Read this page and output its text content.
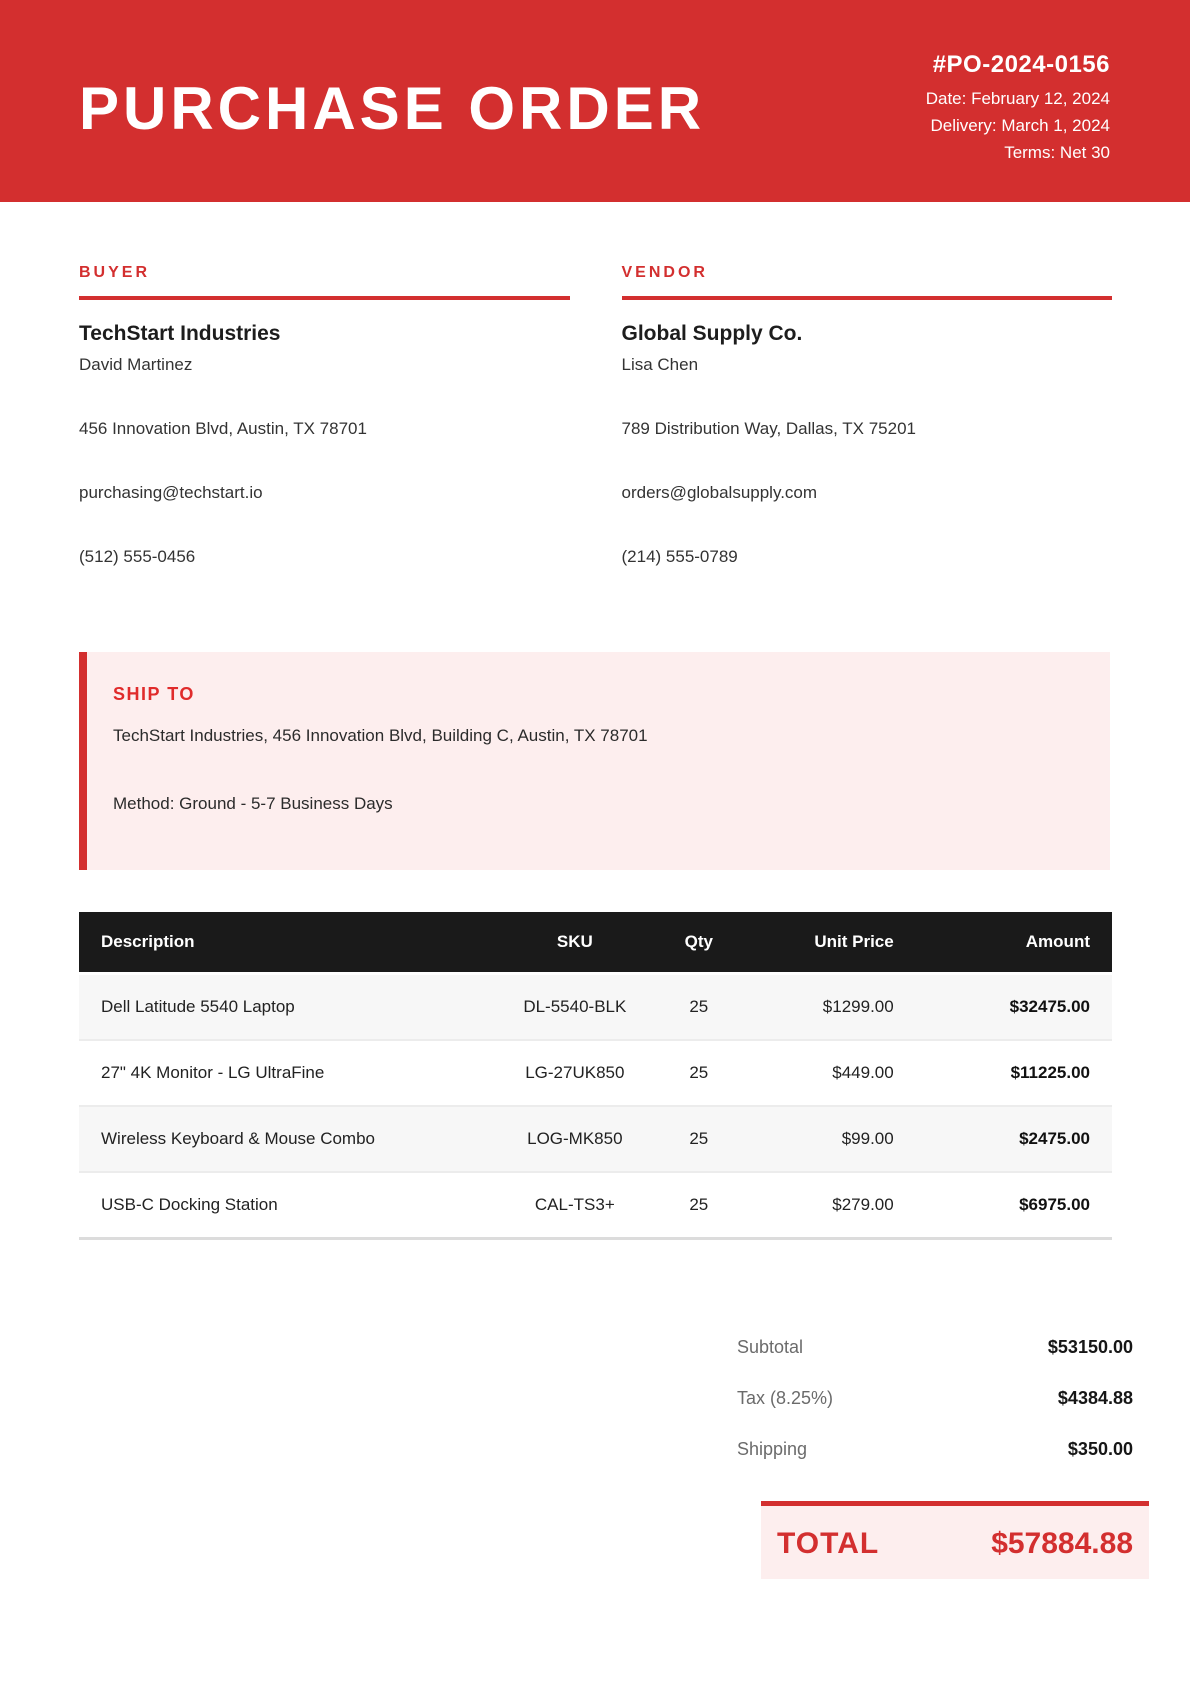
PURCHASE ORDER

#PO-2024-0156

Date: February 12, 2024

Delivery: March 1, 2024

Terms: Net 30

BUYER

TechStart Industries

David Martinez

456 Innovation Blvd, Austin, TX 78701

purchasing@techstart.io

(512) 555-0456

VENDOR

Global Supply Co.

Lisa Chen

789 Distribution Way, Dallas, TX 75201

orders@globalsupply.com

(214) 555-0789

SHIP TO

TechStart Industries, 456 Innovation Blvd, Building C, Austin, TX 78701

Method: Ground - 5-7 Business Days

Description	SKU	Qty	Unit Price	Amount
Dell Latitude 5540 Laptop	DL-5540-BLK	25	$1299.00	$32475.00
27" 4K Monitor - LG UltraFine	LG-27UK850	25	$449.00	$11225.00
Wireless Keyboard & Mouse Combo	LOG-MK850	25	$99.00	$2475.00
USB-C Docking Station	CAL-TS3+	25	$279.00	$6975.00
Subtotal	$53150.00
Tax (8.25%)	$4384.88
Shipping	$350.00
TOTAL	$57884.88
